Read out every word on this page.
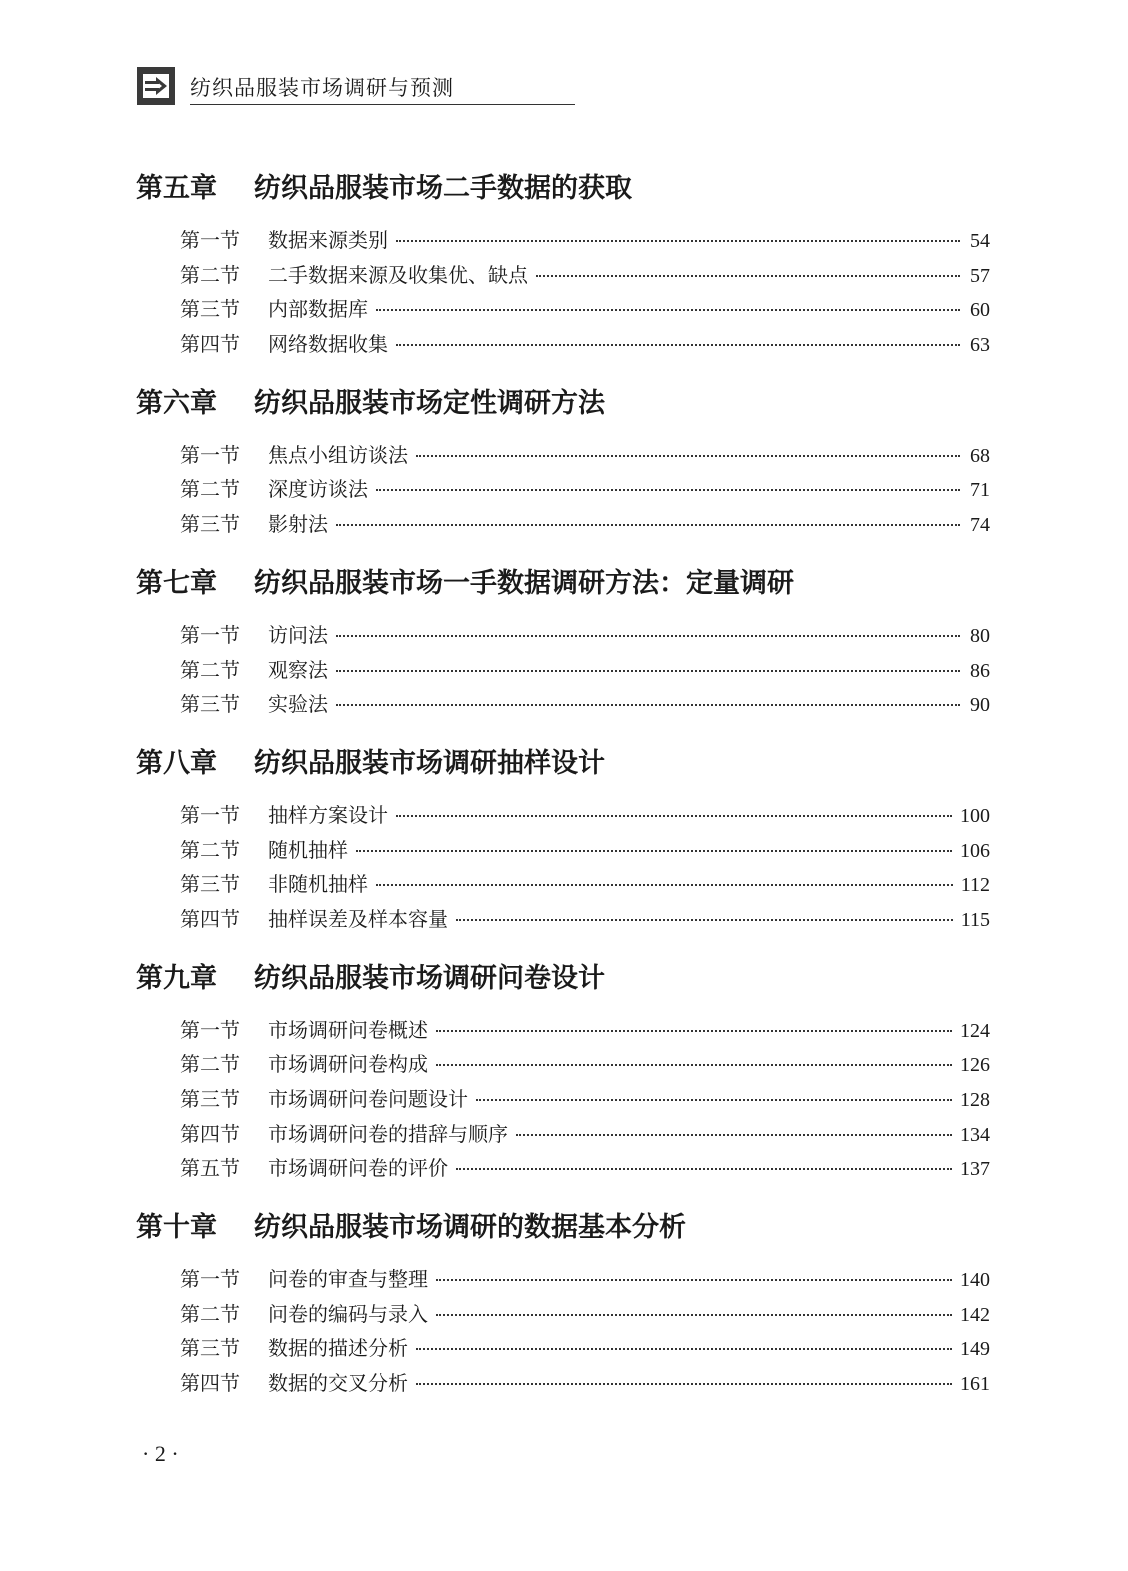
纺织品服装市场调研与预测
第五章	纺织品服装市场二手数据的获取
第一节	数据来源类别	54
第二节	二手数据来源及收集优、缺点	57
第三节	内部数据库	60
第四节	网络数据收集	63
第六章	纺织品服装市场定性调研方法
第一节	焦点小组访谈法	68
第二节	深度访谈法	71
第三节	影射法	74
第七章	纺织品服装市场一手数据调研方法：定量调研
第一节	访问法	80
第二节	观察法	86
第三节	实验法	90
第八章	纺织品服装市场调研抽样设计
第一节	抽样方案设计	100
第二节	随机抽样	106
第三节	非随机抽样	112
第四节	抽样误差及样本容量	115
第九章	纺织品服装市场调研问卷设计
第一节	市场调研问卷概述	124
第二节	市场调研问卷构成	126
第三节	市场调研问卷问题设计	128
第四节	市场调研问卷的措辞与顺序	134
第五节	市场调研问卷的评价	137
第十章	纺织品服装市场调研的数据基本分析
第一节	问卷的审查与整理	140
第二节	问卷的编码与录入	142
第三节	数据的描述分析	149
第四节	数据的交叉分析	161
· 2 ·
